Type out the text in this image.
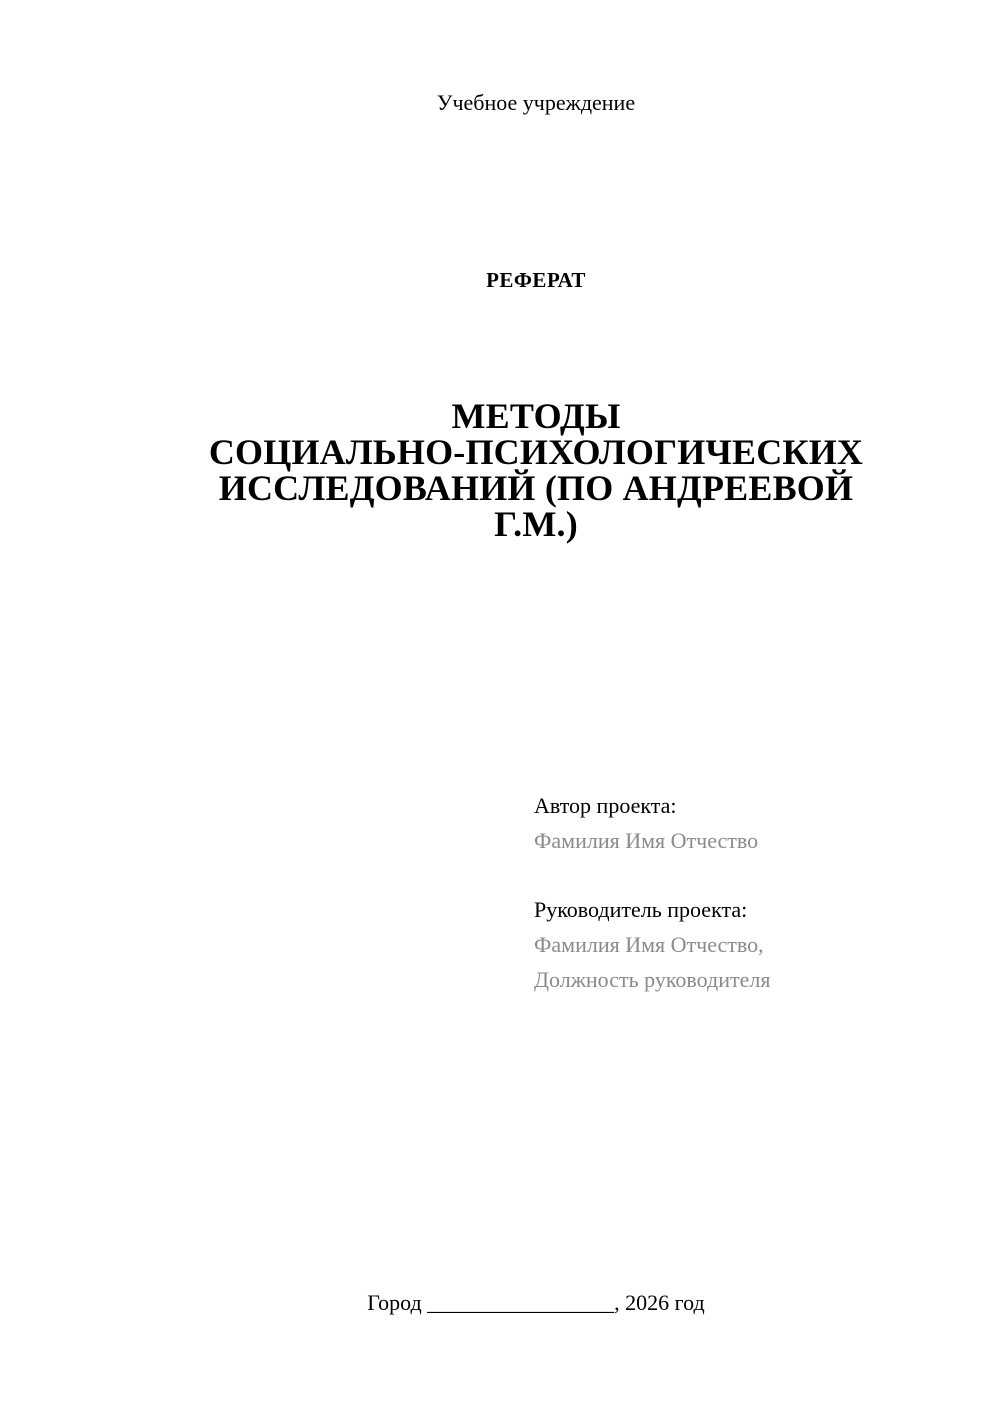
Учебное учреждение
РЕФЕРАТ
МЕТОДЫ
СОЦИАЛЬНО-ПСИХОЛОГИЧЕСКИХ
ИССЛЕДОВАНИЙ (ПО АНДРЕЕВОЙ
Г.М.)
Автор проекта:
Фамилия Имя Отчество
Руководитель проекта:
Фамилия Имя Отчество,
Должность руководителя
Город _________________, 2026 год
